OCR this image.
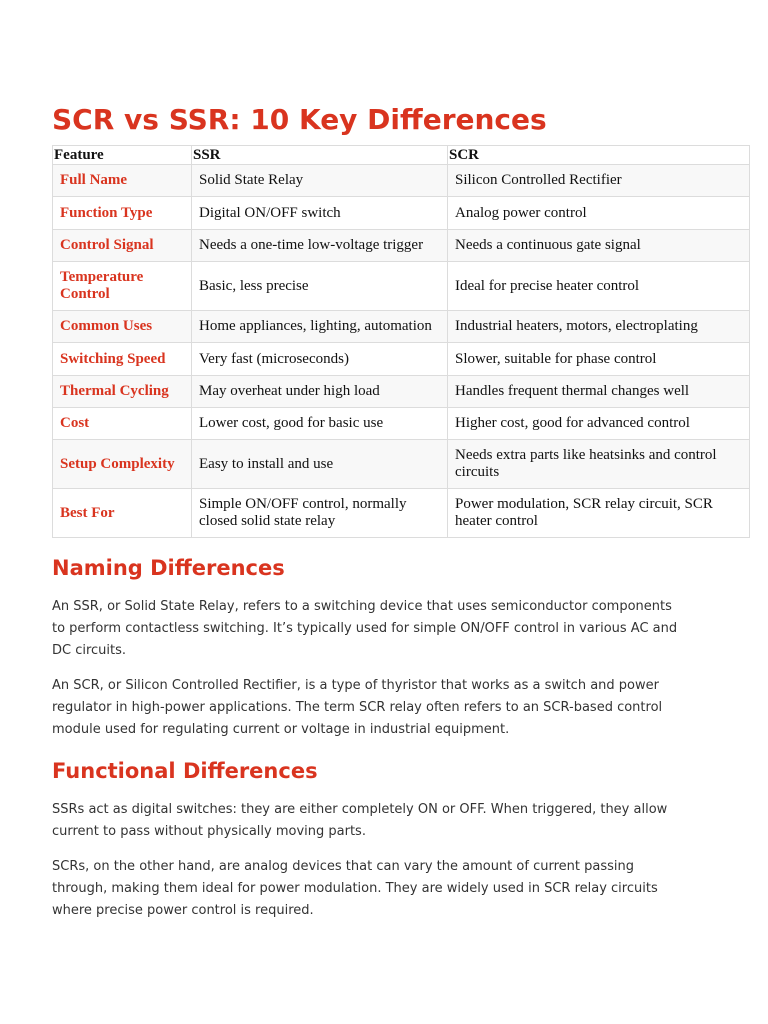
SCR vs SSR: 10 Key Differences
Feature	SSR	SCR
Full Name	Solid State Relay	Silicon Controlled Rectifier
Function Type	Digital ON/OFF switch	Analog power control
Control Signal	Needs a one-time low-voltage trigger	Needs a continuous gate signal
Temperature Control	Basic, less precise	Ideal for precise heater control
Common Uses	Home appliances, lighting, automation	Industrial heaters, motors, electroplating
Switching Speed	Very fast (microseconds)	Slower, suitable for phase control
Thermal Cycling	May overheat under high load	Handles frequent thermal changes well
Cost	Lower cost, good for basic use	Higher cost, good for advanced control
Setup Complexity	Easy to install and use	Needs extra parts like heatsinks and control circuits
Best For	Simple ON/OFF control, normally closed solid state relay	Power modulation, SCR relay circuit, SCR heater control
Naming Differences

An SSR, or Solid State Relay, refers to a switching device that uses semiconductor components to perform contactless switching. It’s typically used for simple ON/OFF control in various AC and DC circuits.

An SCR, or Silicon Controlled Rectifier, is a type of thyristor that works as a switch and power regulator in high-power applications. The term SCR relay often refers to an SCR-based control module used for regulating current or voltage in industrial equipment.

Functional Differences

SSRs act as digital switches: they are either completely ON or OFF. When triggered, they allow current to pass without physically moving parts.

SCRs, on the other hand, are analog devices that can vary the amount of current passing through, making them ideal for power modulation. They are widely used in SCR relay circuits where precise power control is required.
